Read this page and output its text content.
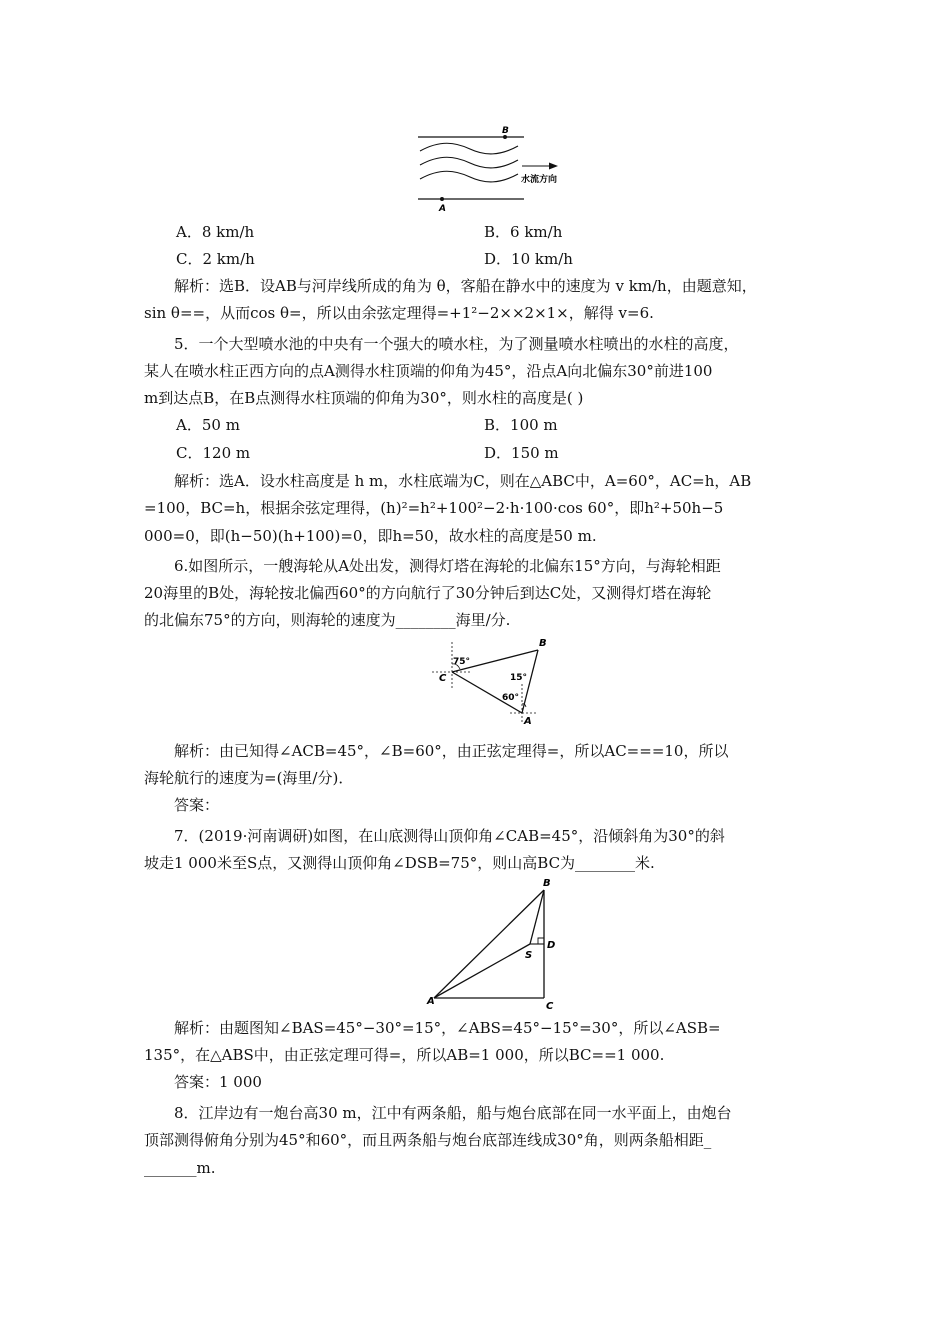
B
A
水流方向
A．8 km/h	B．6 km/h
C．2 km/h	D．10 km/h
解析：选B．设AB与河岸线所成的角为 θ，客船在静水中的速度为 v km/h，由题意知，
sin θ==，从而cos θ=，所以由余弦定理得=+1²−2××2×1×，解得 v=6.
5．一个大型喷水池的中央有一个强大的喷水柱，为了测量喷水柱喷出的水柱的高度，
某人在喷水柱正西方向的点A测得水柱顶端的仰角为45°，沿点A向北偏东30°前进100
m到达点B，在B点测得水柱顶端的仰角为30°，则水柱的高度是( )
A．50 m	B．100 m
C．120 m	D．150 m
解析：选A．设水柱高度是 h m，水柱底端为C，则在△ABC中，A=60°，AC=h，AB
=100，BC=h，根据余弦定理得，(h)²=h²+100²−2·h·100·cos 60°，即h²+50h−5
000=0，即(h−50)(h+100)=0，即h=50，故水柱的高度是50 m.
6.如图所示，一艘海轮从A处出发，测得灯塔在海轮的北偏东15°方向，与海轮相距
20海里的B处，海轮按北偏西60°的方向航行了30分钟后到达C处，又测得灯塔在海轮
的北偏东75°的方向，则海轮的速度为________海里/分.
B
C
A
75°
15°
60°
解析：由已知得∠ACB=45°，∠B=60°，由正弦定理得=，所以AC===10，所以
海轮航行的速度为=(海里/分)．
答案：
7．(2019·河南调研)如图，在山底测得山顶仰角∠CAB=45°，沿倾斜角为30°的斜
坡走1 000米至S点，又测得山顶仰角∠DSB=75°，则山高BC为________米.
B
D
S
A	C
解析：由题图知∠BAS=45°−30°=15°，∠ABS=45°−15°=30°，所以∠ASB=
135°，在△ABS中，由正弦定理可得=，所以AB=1 000，所以BC==1 000.
答案：1 000
8．江岸边有一炮台高30 m，江中有两条船，船与炮台底部在同一水平面上，由炮台
顶部测得俯角分别为45°和60°，而且两条船与炮台底部连线成30°角，则两条船相距_
_______m.
